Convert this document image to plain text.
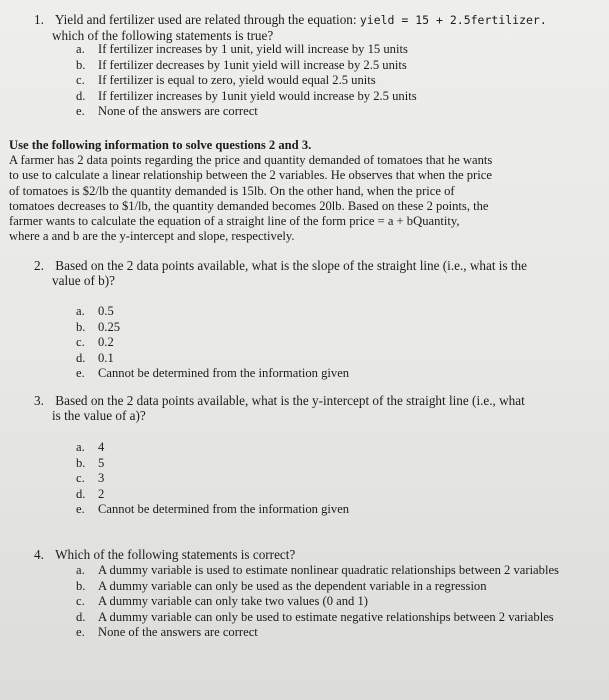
1. Yield and fertilizer used are related through the equation: yield = 15 + 2.5fertilizer.
which of the following statements is true?
a.	If fertilizer increases by 1 unit, yield will increase by 15 units
b. If fertilizer decreases by 1unit yield will increase by 2.5 units
c.	If fertilizer is equal to zero, yield would equal 2.5 units
d. If fertilizer increases by 1unit yield would increase by 2.5 units
e.	None of the answers are correct
Use the following information to solve questions 2 and 3.
A farmer has 2 data points regarding the price and quantity demanded of tomatoes that he wants
to use to calculate a linear relationship between the 2 variables. He observes that when the price
of tomatoes is $2/lb the quantity demanded is 15lb. On the other hand, when the price of
tomatoes decreases to $1/lb, the quantity demanded becomes 20lb. Based on these 2 points, the
farmer wants to calculate the equation of a straight line of the form price = a + bQuantity,
where a and b are the y-intercept and slope, respectively.
2. Based on the 2 data points available, what is the slope of the straight line (i.e., what is the
value of b)?
a.	0.5
b. 0.25
c.	0.2
d. 0.1
e.	Cannot be determined from the information given
3. Based on the 2 data points available, what is the y-intercept of the straight line (i.e., what
is the value of a)?
a.	4
b. 5
c.	3
d. 2
e.	Cannot be determined from the information given
4. Which of the following statements is correct?
a.	A dummy variable is used to estimate nonlinear quadratic relationships between 2 variables
b. A dummy variable can only be used as the dependent variable in a regression
c.	A dummy variable can only take two values (0 and 1)
d. A dummy variable can only be used to estimate negative relationships between 2 variables
e.	None of the answers are correct
